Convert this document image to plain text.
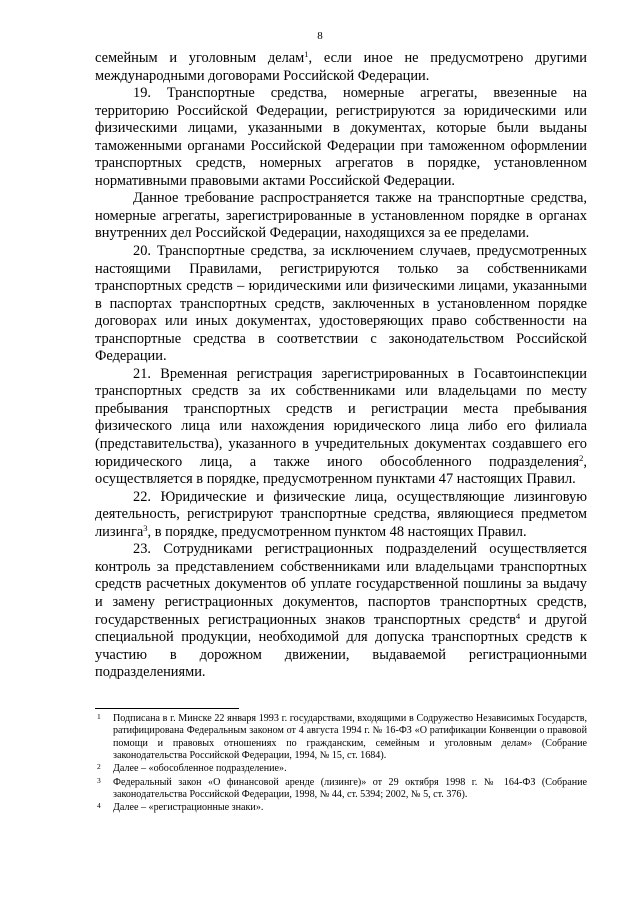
8

семейным и уголовным делам$^1$, если иное не предусмотрено другими международными договорами Российской Федерации.

19. Транспортные средства, номерные агрегаты, ввезенные на территорию Российской Федерации, регистрируются за юридическими или физическими лицами, указанными в документах, которые были выданы таможенными органами Российской Федерации при таможенном оформлении транспортных средств, номерных агрегатов в порядке, установленном нормативными правовыми актами Российской Федерации.

Данное требование распространяется также на транспортные средства, номерные агрегаты, зарегистрированные в установленном порядке в органах внутренних дел Российской Федерации, находящихся за ее пределами.

20. Транспортные средства, за исключением случаев, предусмотренных настоящими Правилами, регистрируются только за собственниками транспортных средств – юридическими или физическими лицами, указанными в паспортах транспортных средств, заключенных в установленном порядке договорах или иных документах, удостоверяющих право собственности на транспортные средства в соответствии с законодательством Российской Федерации.

21. Временная регистрация зарегистрированных в Госавтоинспекции транспортных средств за их собственниками или владельцами по месту пребывания транспортных средств и регистрации места пребывания физического лица или нахождения юридического лица либо его филиала (представительства), указанного в учредительных документах создавшего его юридического лица, а также иного обособленного подразделения$^2$, осуществляется в порядке, предусмотренном пунктами 47 настоящих Правил.

22. Юридические и физические лица, осуществляющие лизинговую деятельность, регистрируют транспортные средства, являющиеся предметом лизинга$^3$, в порядке, предусмотренном пунктом 48 настоящих Правил.

23. Сотрудниками регистрационных подразделений осуществляется контроль за представлением собственниками или владельцами транспортных средств расчетных документов об уплате государственной пошлины за выдачу и замену регистрационных документов, паспортов транспортных средств, государственных регистрационных знаков транспортных средств$^4$ и другой специальной продукции, необходимой для допуска транспортных средств к участию в дорожном движении, выдаваемой регистрационными подразделениями.

1 Подписана в г. Минске 22 января 1993 г. государствами, входящими в Содружество Независимых Государств, ратифицирована Федеральным законом от 4 августа 1994 г. № 16-ФЗ «О ратификации Конвенции о правовой помощи и правовых отношениях по гражданским, семейным и уголовным делам» (Собрание законодательства Российской Федерации, 1994, № 15, ст. 1684).

2 Далее – «обособленное подразделение».

3 Федеральный закон «О финансовой аренде (лизинге)» от 29 октября 1998 г. № 164-ФЗ (Собрание законодательства Российской Федерации, 1998, № 44, ст. 5394; 2002, № 5, ст. 376).

4 Далее – «регистрационные знаки».
